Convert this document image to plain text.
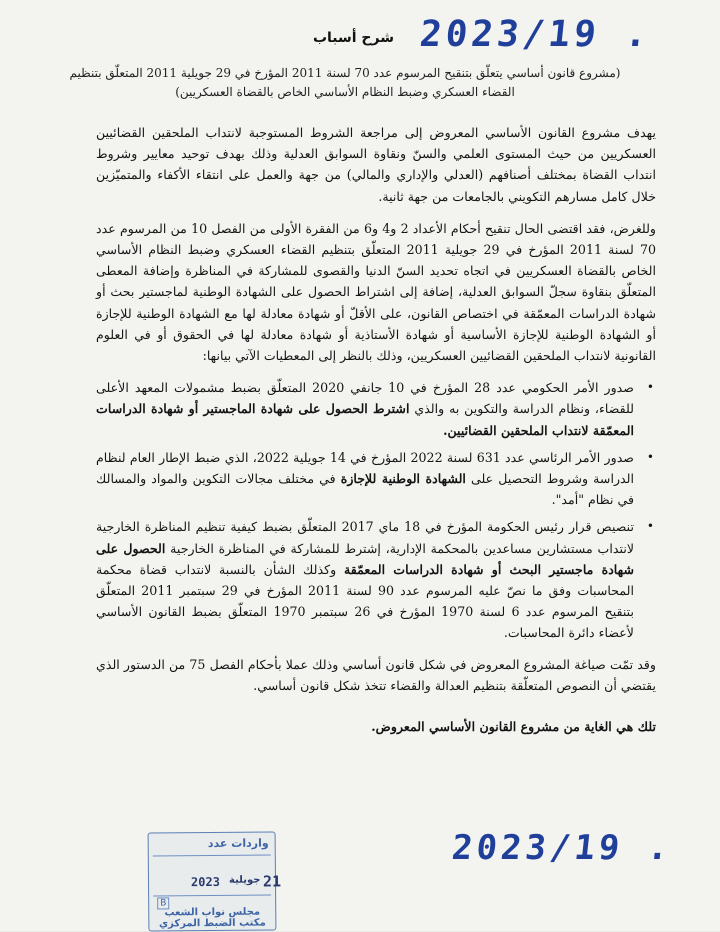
2023/19 .
شرح أسباب
(مشروع قانون أساسي يتعلّق بتنقيح المرسوم عدد 70 لسنة 2011 المؤرخ في 29 جويلية 2011 المتعلّق بتنظيم القضاء العسكري وضبط النظام الأساسي الخاص بالقضاة العسكريين)

يهدف مشروع القانون الأساسي المعروض إلى مراجعة الشروط المستوجبة لانتداب الملحقين القضائيين العسكريين من حيث المستوى العلمي والسنّ ونقاوة السوابق العدلية وذلك بهدف توحيد معايير وشروط انتداب القضاة بمختلف أصنافهم (العدلي والإداري والمالي) من جهة والعمل على انتقاء الأكفاء والمتميّزين خلال كامل مسارهم التكويني بالجامعات من جهة ثانية.

وللغرض، فقد اقتضى الحال تنقيح أحكام الأعداد 2 و4 و6 من الفقرة الأولى من الفصل 10 من المرسوم عدد 70 لسنة 2011 المؤرخ في 29 جويلية 2011 المتعلّق بتنظيم القضاء العسكري وضبط النظام الأساسي الخاص بالقضاة العسكريين في اتجاه تحديد السنّ الدنيا والقصوى للمشاركة في المناظرة وإضافة المعطى المتعلّق بنقاوة سجلّ السوابق العدلية، إضافة إلى اشتراط الحصول على الشهادة الوطنية لماجستير بحث أو شهادة الدراسات المعمّقة في اختصاص القانون، على الأقلّ أو شهادة معادلة لها مع الشهادة الوطنية للإجازة أو الشهادة الوطنية للإجازة الأساسية أو شهادة الأستاذية أو شهادة معادلة لها في الحقوق أو في العلوم القانونية لانتداب الملحقين القضائيين العسكريين، وذلك بالنظر إلى المعطيات الآتي بيانها:

•
صدور الأمر الحكومي عدد 28 المؤرخ في 10 جانفي 2020 المتعلّق بضبط مشمولات المعهد الأعلى للقضاء، ونظام الدراسة والتكوين به والذي اشترط الحصول على شهادة الماجستير أو شهادة الدراسات المعمّقة لانتداب الملحقين القضائيين.
•
صدور الأمر الرئاسي عدد 631 لسنة 2022 المؤرخ في 14 جويلية 2022، الذي ضبط الإطار العام لنظام الدراسة وشروط التحصيل على الشهادة الوطنية للإجازة في مختلف مجالات التكوين والمواد والمسالك في نظام "أمد".
•
تنصيص قرار رئيس الحكومة المؤرخ في 18 ماي 2017 المتعلّق بضبط كيفية تنظيم المناظرة الخارجية لانتداب مستشارين مساعدين بالمحكمة الإدارية، إشترط للمشاركة في المناظرة الخارجية الحصول على شهادة ماجستير البحث أو شهادة الدراسات المعمّقة وكذلك الشأن بالنسبة لانتداب قضاة محكمة المحاسبات وفق ما نصّ عليه المرسوم عدد 90 لسنة 2011 المؤرخ في 29 سبتمبر 2011 المتعلّق بتنقيح المرسوم عدد 6 لسنة 1970 المؤرخ في 26 سبتمبر 1970 المتعلّق بضبط القانون الأساسي لأعضاء دائرة المحاسبات.

وقد تمّت صياغة المشروع المعروض في شكل قانون أساسي وذلك عملا بأحكام الفصل 75 من الدستور الذي يقتضي أن النصوص المتعلّقة بتنظيم العدالة والقضاء تتخذ شكل قانون أساسي.

تلك هي الغاية من مشروع القانون الأساسي المعروض.

واردات عدد
2023 جويلية 21
B
مجلس نواب الشعب
مكتب الضبط المركزي
2023/19 .
